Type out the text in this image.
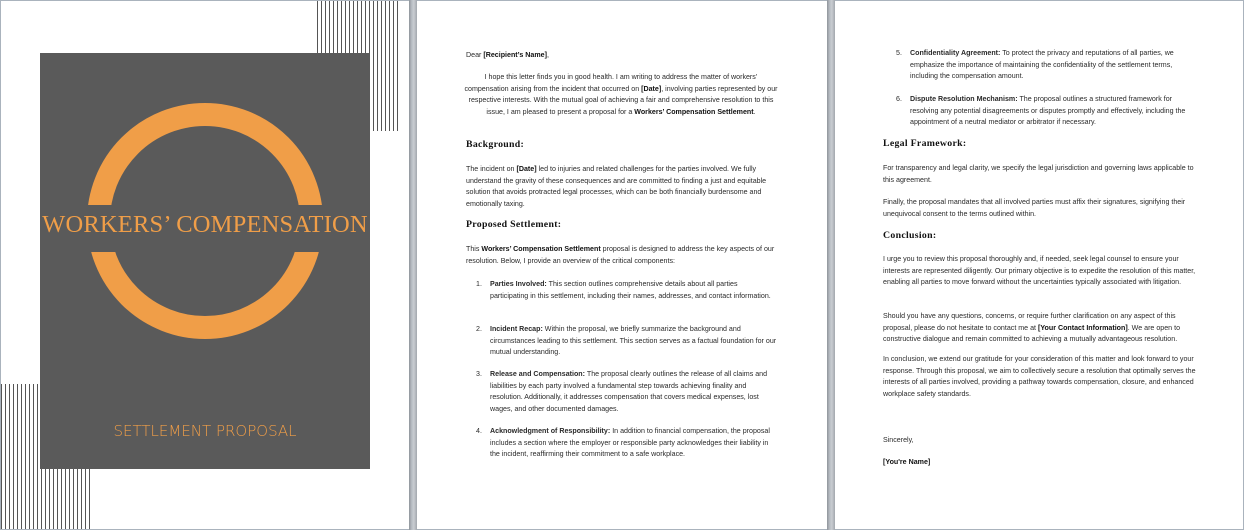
WORKERS’ COMPENSATION
SETTLEMENT PROPOSAL
Dear [Recipient’s Name],
I hope this letter finds you in good health. I am writing to address the matter of workers’ compensation arising from the incident that occurred on [Date], involving parties represented by our respective interests. With the mutual goal of achieving a fair and comprehensive resolution to this issue, I am pleased to present a proposal for a Workers’ Compensation Settlement.
Background:
The incident on [Date] led to injuries and related challenges for the parties involved. We fully understand the gravity of these consequences and are committed to finding a just and equitable solution that avoids protracted legal processes, which can be both financially burdensome and emotionally taxing.
Proposed Settlement:
This Workers’ Compensation Settlement proposal is designed to address the key aspects of our resolution. Below, I provide an overview of the critical components:
1. Parties Involved: This section outlines comprehensive details about all parties participating in this settlement, including their names, addresses, and contact information.
2. Incident Recap: Within the proposal, we briefly summarize the background and circumstances leading to this settlement. This section serves as a factual foundation for our mutual understanding.
3. Release and Compensation: The proposal clearly outlines the release of all claims and liabilities by each party involved a fundamental step towards achieving finality and resolution. Additionally, it addresses compensation that covers medical expenses, lost wages, and other documented damages.
4. Acknowledgment of Responsibility: In addition to financial compensation, the proposal includes a section where the employer or responsible party acknowledges their liability in the incident, reaffirming their commitment to a safe workplace.
5. Confidentiality Agreement: To protect the privacy and reputations of all parties, we emphasize the importance of maintaining the confidentiality of the settlement terms, including the compensation amount.
6. Dispute Resolution Mechanism: The proposal outlines a structured framework for resolving any potential disagreements or disputes promptly and effectively, including the appointment of a neutral mediator or arbitrator if necessary.
Legal Framework:
For transparency and legal clarity, we specify the legal jurisdiction and governing laws applicable to this agreement.
Finally, the proposal mandates that all involved parties must affix their signatures, signifying their unequivocal consent to the terms outlined within.
Conclusion:
I urge you to review this proposal thoroughly and, if needed, seek legal counsel to ensure your interests are represented diligently. Our primary objective is to expedite the resolution of this matter, enabling all parties to move forward without the uncertainties typically associated with litigation.
Should you have any questions, concerns, or require further clarification on any aspect of this proposal, please do not hesitate to contact me at [Your Contact Information]. We are open to constructive dialogue and remain committed to achieving a mutually advantageous resolution.
In conclusion, we extend our gratitude for your consideration of this matter and look forward to your response. Through this proposal, we aim to collectively secure a resolution that optimally serves the interests of all parties involved, providing a pathway towards compensation, closure, and enhanced workplace safety standards.
Sincerely,
[You're Name]
